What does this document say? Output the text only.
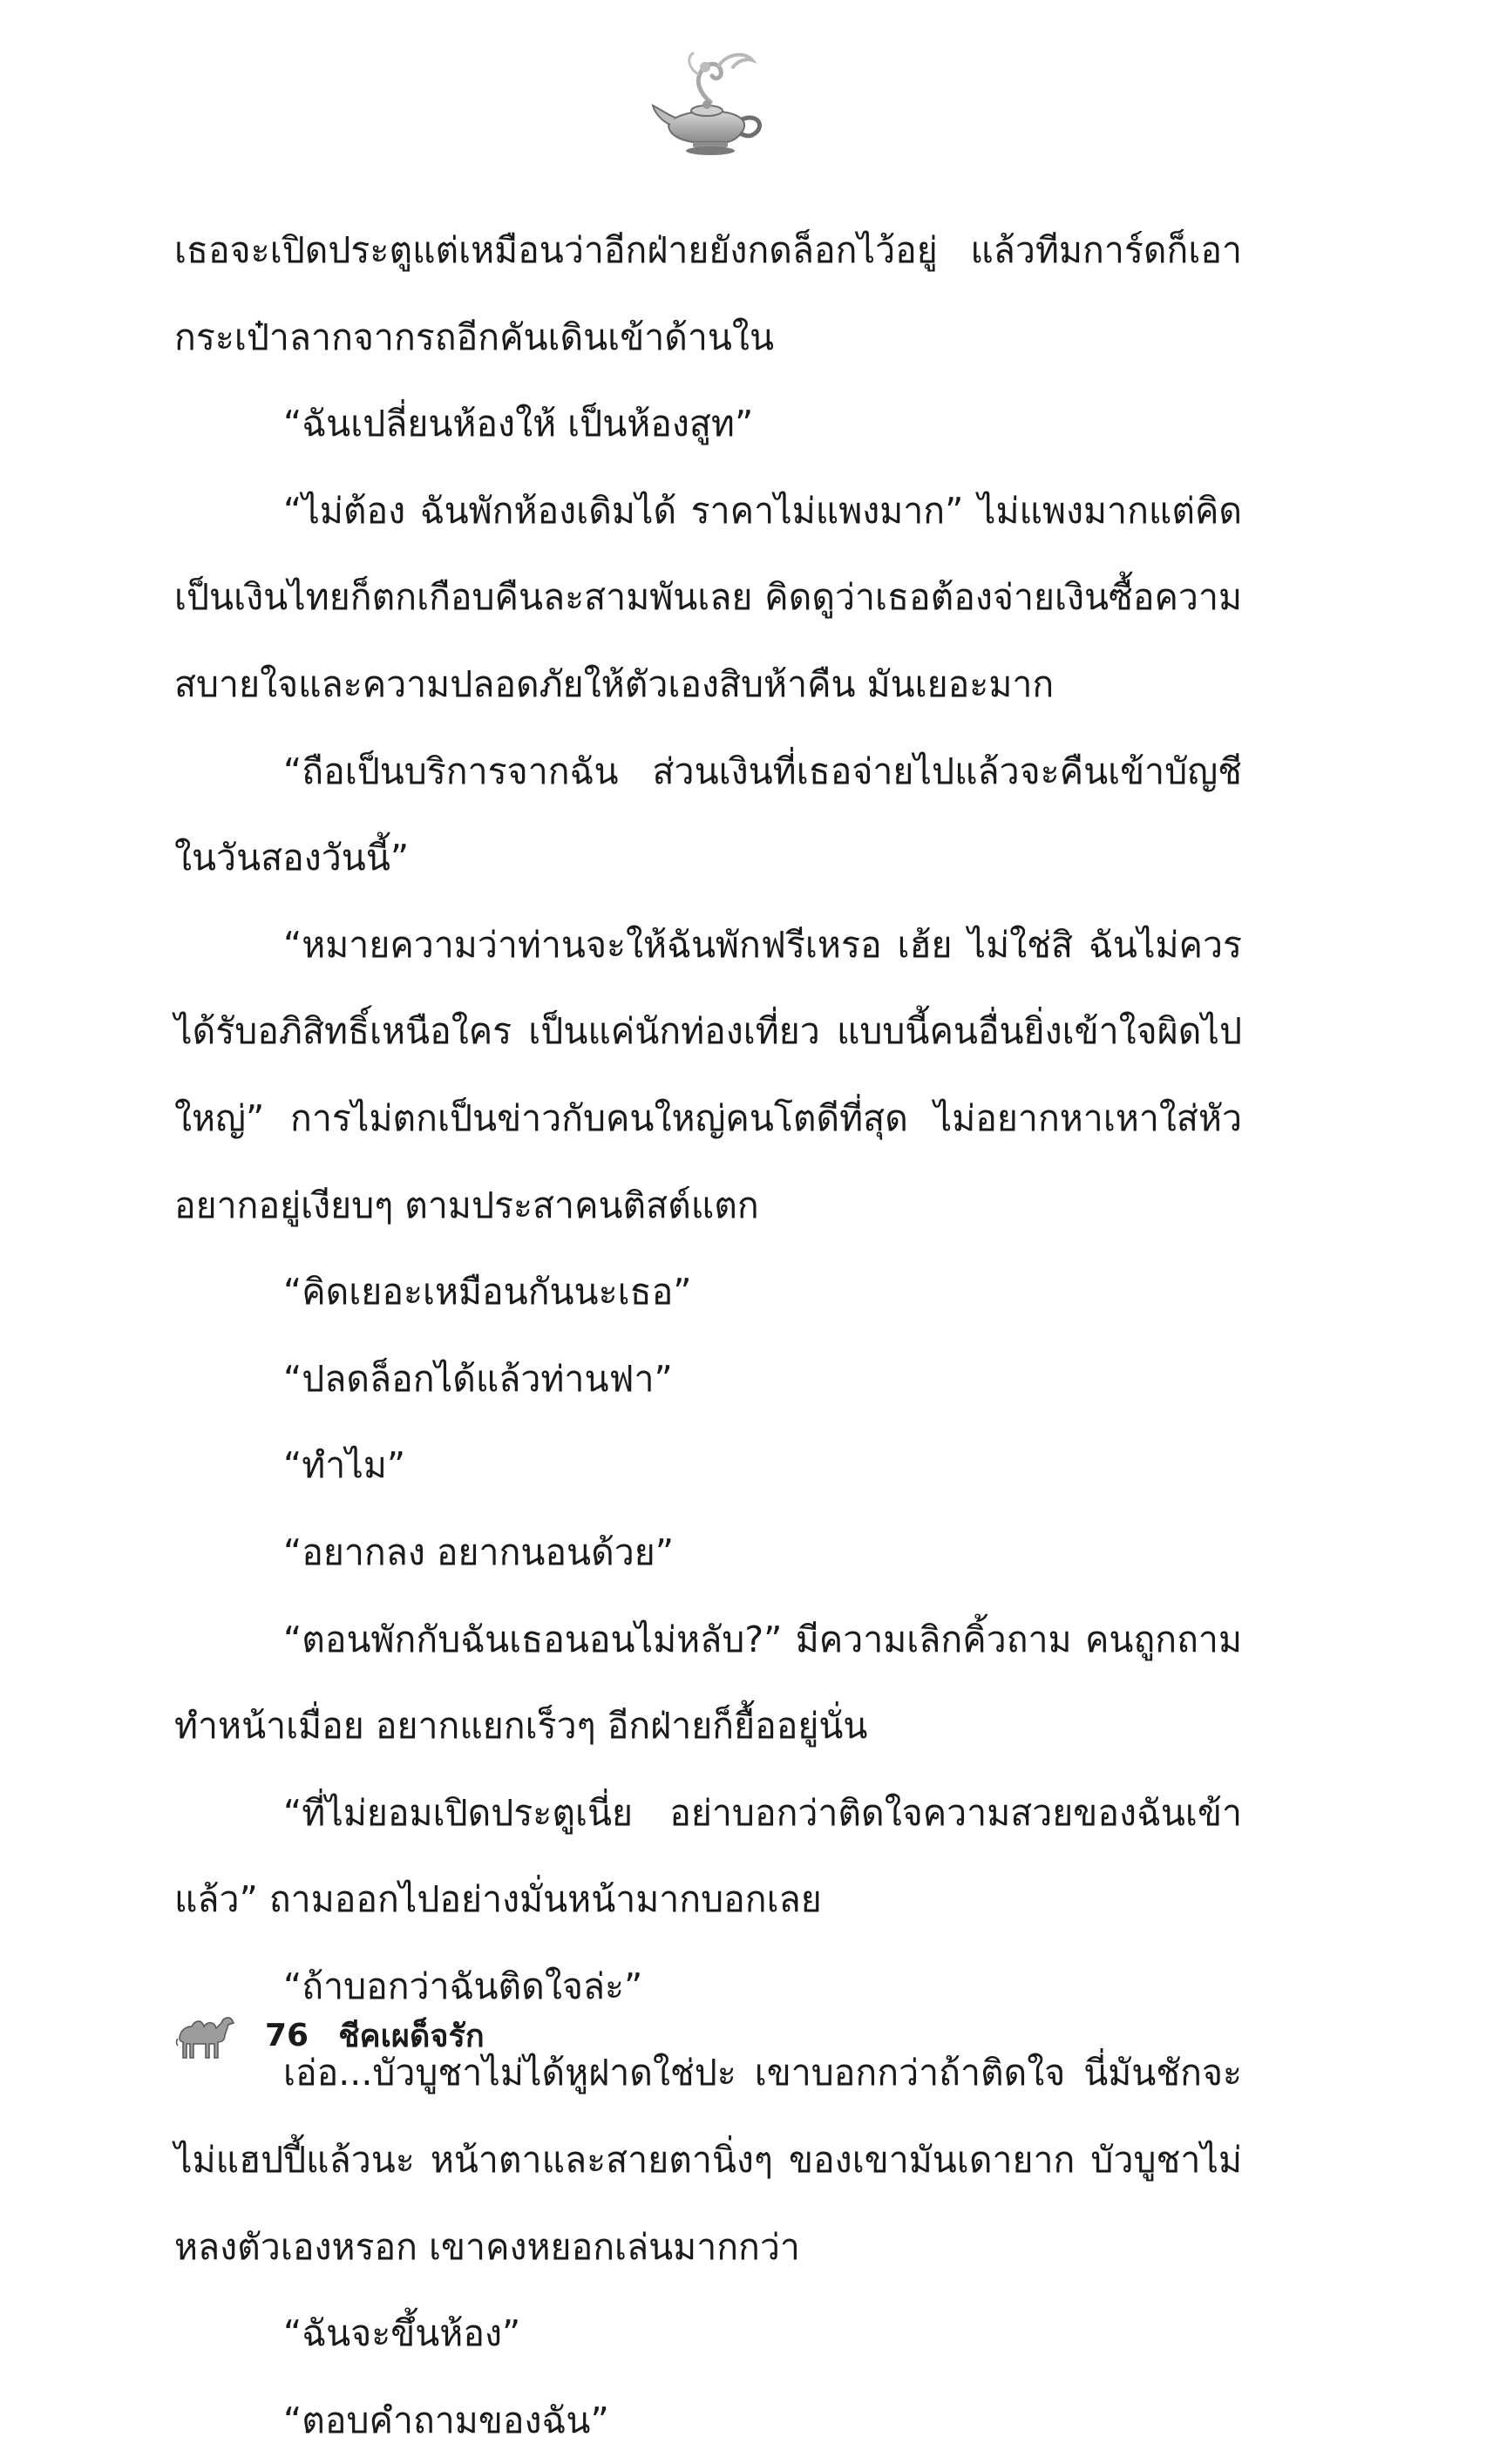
เธอจะเปิดประตูแต่เหมือนว่าอีกฝ่ายยังกดล็อกไว้อยู่ แล้วทีมการ์ดก็เอากระเป๋าลากจากรถอีกคันเดินเข้าด้านใน

“ฉันเปลี่ยนห้องให้ เป็นห้องสูท”

“ไม่ต้อง ฉันพักห้องเดิมได้ ราคาไม่แพงมาก” ไม่แพงมากแต่คิดเป็นเงินไทยก็ตกเกือบคืนละสามพันเลย คิดดูว่าเธอต้องจ่ายเงินซื้อความสบายใจและความปลอดภัยให้ตัวเองสิบห้าคืน มันเยอะมาก

“ถือเป็นบริการจากฉัน ส่วนเงินที่เธอจ่ายไปแล้วจะคืนเข้าบัญชีในวันสองวันนี้”

“หมายความว่าท่านจะให้ฉันพักฟรีเหรอ เฮ้ย ไม่ใช่สิ ฉันไม่ควรได้รับอภิสิทธิ์เหนือใคร เป็นแค่นักท่องเที่ยว แบบนี้คนอื่นยิ่งเข้าใจผิดไปใหญ่” การไม่ตกเป็นข่าวกับคนใหญ่คนโตดีที่สุด ไม่อยากหาเหาใส่หัวอยากอยู่เงียบๆ ตามประสาคนติสต์แตก

“คิดเยอะเหมือนกันนะเธอ”

“ปลดล็อกได้แล้วท่านฟา”

“ทำไม”

“อยากลง อยากนอนด้วย”

“ตอนพักกับฉันเธอนอนไม่หลับ?” มีความเลิกคิ้วถาม คนถูกถามทำหน้าเมื่อย อยากแยกเร็วๆ อีกฝ่ายก็ยื้ออยู่นั่น

“ที่ไม่ยอมเปิดประตูเนี่ย อย่าบอกว่าติดใจความสวยของฉันเข้าแล้ว” ถามออกไปอย่างมั่นหน้ามากบอกเลย

“ถ้าบอกว่าฉันติดใจล่ะ”

เอ่อ...บัวบูชาไม่ได้หูฝาดใช่ปะ เขาบอกกว่าถ้าติดใจ นี่มันชักจะไม่แฮปปี้แล้วนะ หน้าตาและสายตานิ่งๆ ของเขามันเดายาก บัวบูชาไม่หลงตัวเองหรอก เขาคงหยอกเล่นมากกว่า

“ฉันจะขึ้นห้อง”

“ตอบคำถามของฉัน”

76 ชีคเผด็จรัก
